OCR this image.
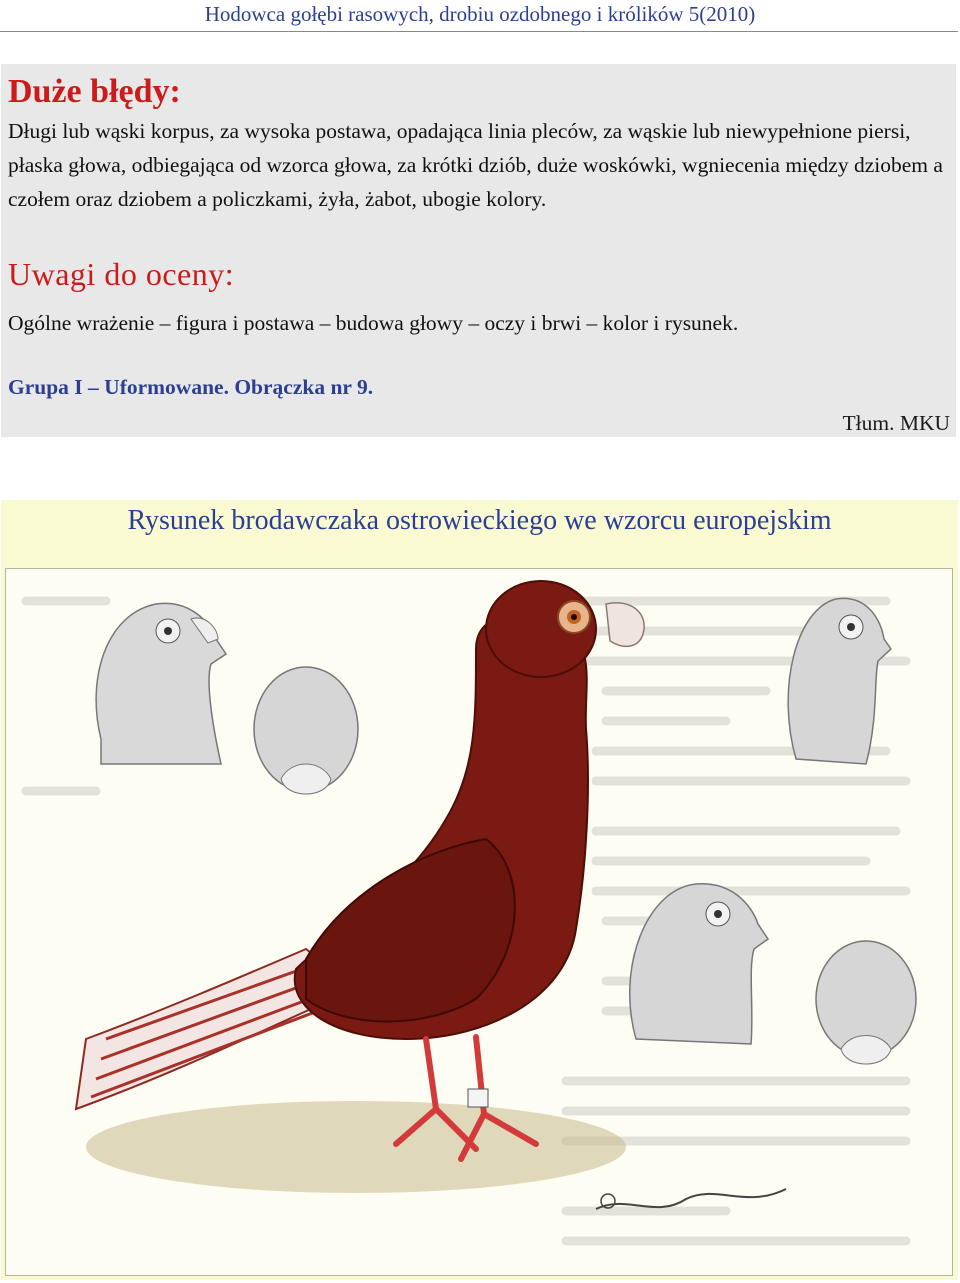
Hodowca gołębi rasowych, drobiu ozdobnego i królików 5(2010)
Duże błędy:
Długi lub wąski korpus, za wysoka postawa, opadająca linia pleców, za wąskie lub niewypełnione piersi, płaska głowa, odbiegająca od wzorca głowa, za krótki dziób, duże woskówki, wgniecenia między dziobem a czołem oraz dziobem a policzkami, żyła, żabot, ubogie kolory.
Uwagi do oceny:
Ogólne wrażenie – figura i postawa – budowa głowy – oczy i brwi – kolor i rysunek.
Grupa I – Uformowane. Obrączka nr 9.
Tłum. MKU
Rysunek brodawczaka ostrowieckiego we wzorcu europejskim
